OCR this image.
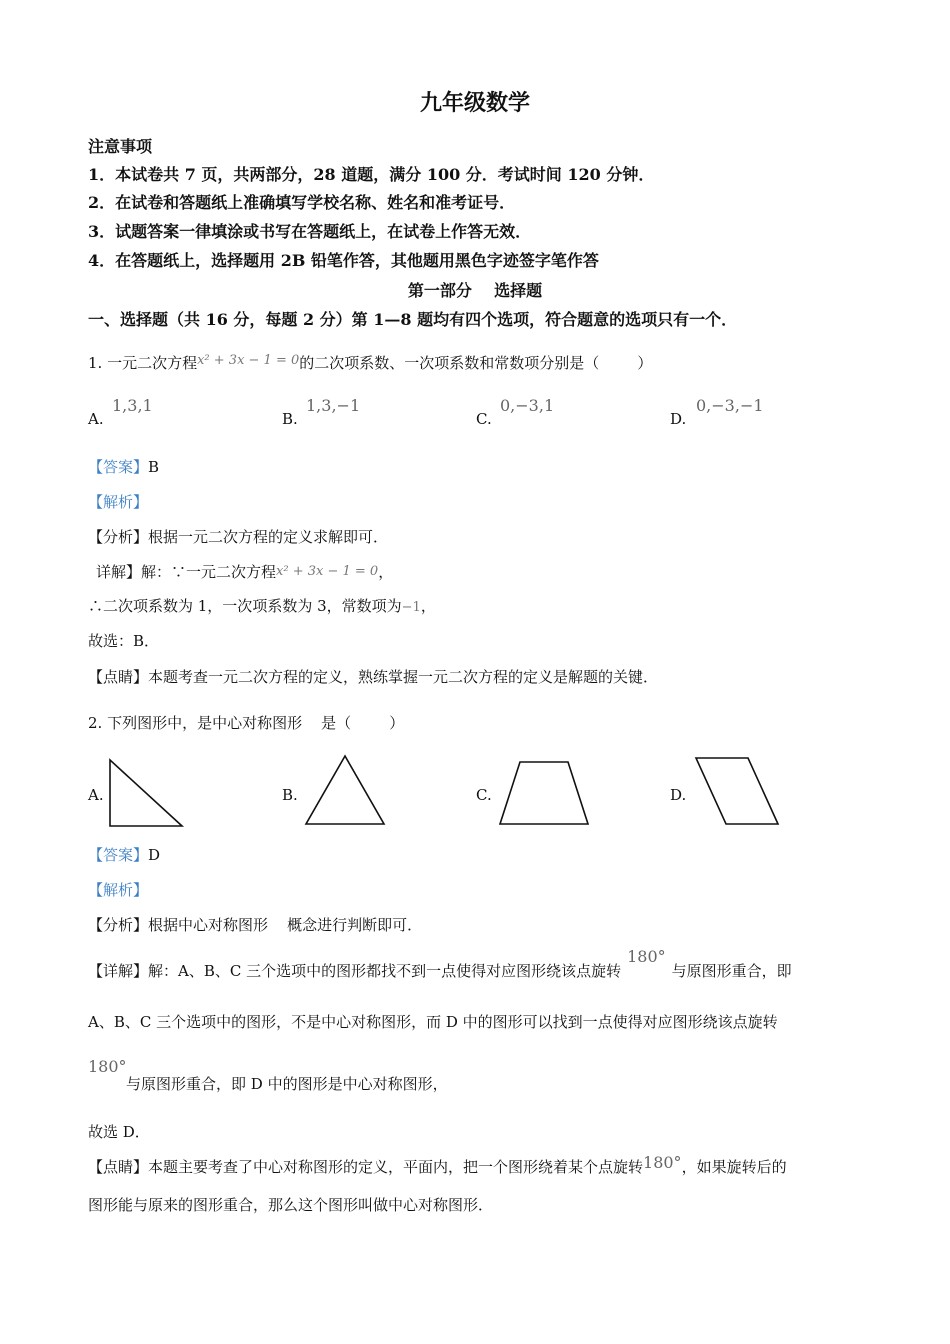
九年级数学
注意事项
1．本试卷共 7 页，共两部分，28 道题，满分 100 分．考试时间 120 分钟．
2．在试卷和答题纸上准确填写学校名称、姓名和准考证号．
3．试题答案一律填涂或书写在答题纸上，在试卷上作答无效．
4．在答题纸上，选择题用 2B 铅笔作答，其他题用黑色字迹签字笔作答
第一部分    选择题
一、选择题（共 16 分，每题 2 分）第 1—8 题均有四个选项，符合题意的选项只有一个．
1. 一元二次方程x² + 3x − 1 = 0的二次项系数、一次项系数和常数项分别是（        ）
A.
1,3,1
B.
1,3,−1
C.
0,−3,1
D.
0,−3,−1
【答案】B
【解析】
【分析】根据一元二次方程的定义求解即可．
详解】解：∵一元二次方程x² + 3x − 1 = 0，
∴二次项系数为 1，一次项系数为 3，常数项为−1，
故选：B．
【点睛】本题考查一元二次方程的定义，熟练掌握一元二次方程的定义是解题的关键．
2. 下列图形中，是中心对称图形    是（        ）
A.	B.	C.	D.
【答案】D
【解析】
【分析】根据中心对称图形    概念进行判断即可．
【详解】解：A、B、C 三个选项中的图形都找不到一点使得对应图形绕该点旋转180°与原图形重合，即
A、B、C 三个选项中的图形，不是中心对称图形，而 D 中的图形可以找到一点使得对应图形绕该点旋转
180°
与原图形重合，即 D 中的图形是中心对称图形，
故选 D．
【点睛】本题主要考查了中心对称图形的定义，平面内，把一个图形绕着某个点旋转180°，如果旋转后的
图形能与原来的图形重合，那么这个图形叫做中心对称图形．
